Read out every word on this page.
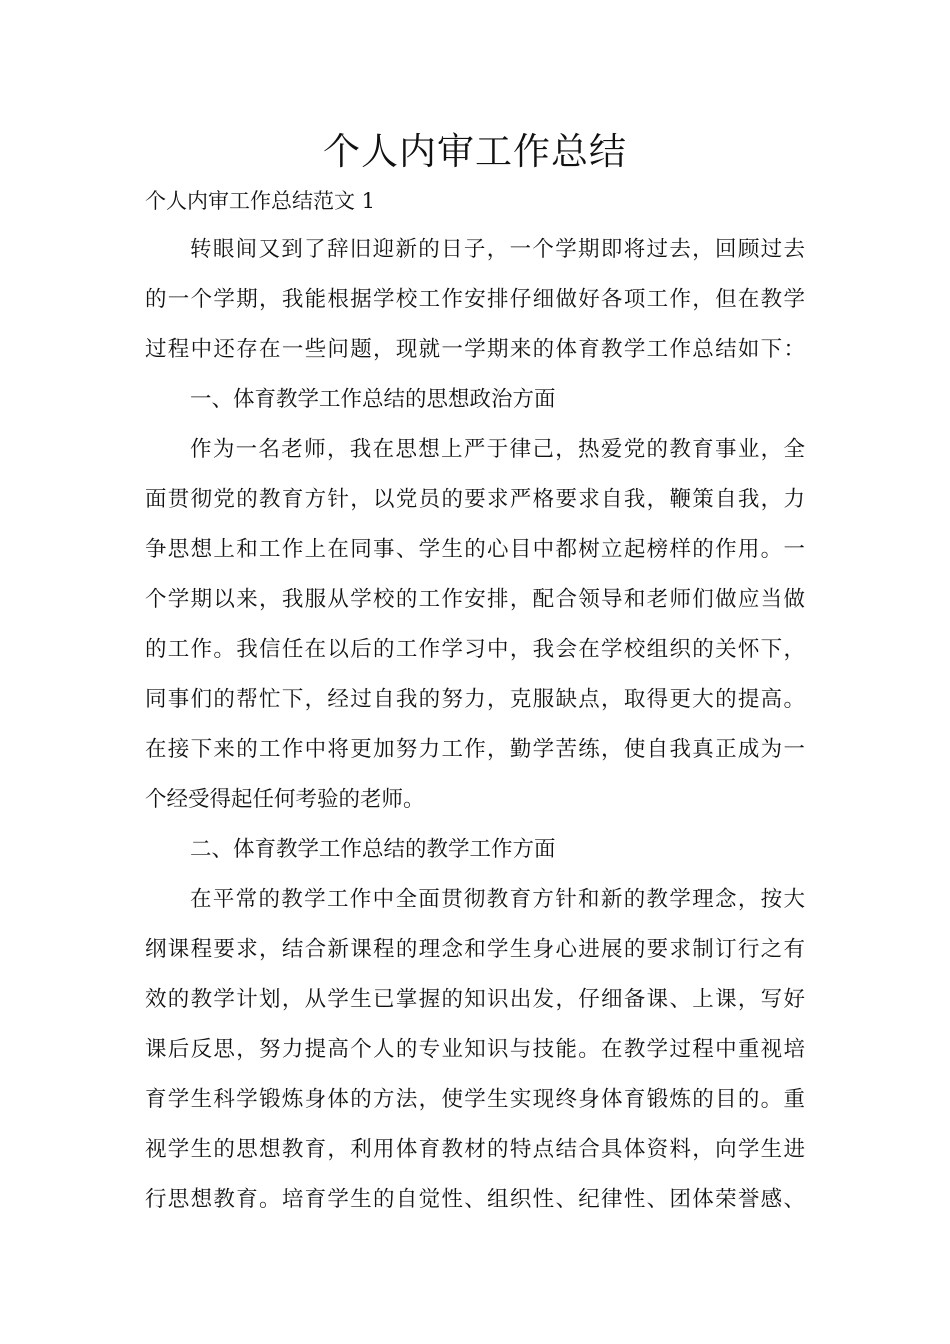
个人内审工作总结

个人内审工作总结范文 1

转眼间又到了辞旧迎新的日子，一个学期即将过去，回顾过去
的一个学期，我能根据学校工作安排仔细做好各项工作，但在教学
过程中还存在一些问题，现就一学期来的体育教学工作总结如下：
一、体育教学工作总结的思想政治方面
作为一名老师，我在思想上严于律己，热爱党的教育事业，全
面贯彻党的教育方针，以党员的要求严格要求自我，鞭策自我，力
争思想上和工作上在同事、学生的心目中都树立起榜样的作用。一
个学期以来，我服从学校的工作安排，配合领导和老师们做应当做
的工作。我信任在以后的工作学习中，我会在学校组织的关怀下，
同事们的帮忙下，经过自我的努力，克服缺点，取得更大的提高。
在接下来的工作中将更加努力工作，勤学苦练，使自我真正成为一
个经受得起任何考验的老师。
二、体育教学工作总结的教学工作方面
在平常的教学工作中全面贯彻教育方针和新的教学理念，按大
纲课程要求，结合新课程的理念和学生身心进展的要求制订行之有
效的教学计划，从学生已掌握的知识出发，仔细备课、上课，写好
课后反思，努力提高个人的专业知识与技能。在教学过程中重视培
育学生科学锻炼身体的方法，使学生实现终身体育锻炼的目的。重
视学生的思想教育，利用体育教材的特点结合具体资料，向学生进
行思想教育。培育学生的自觉性、组织性、纪律性、团体荣誉感、
